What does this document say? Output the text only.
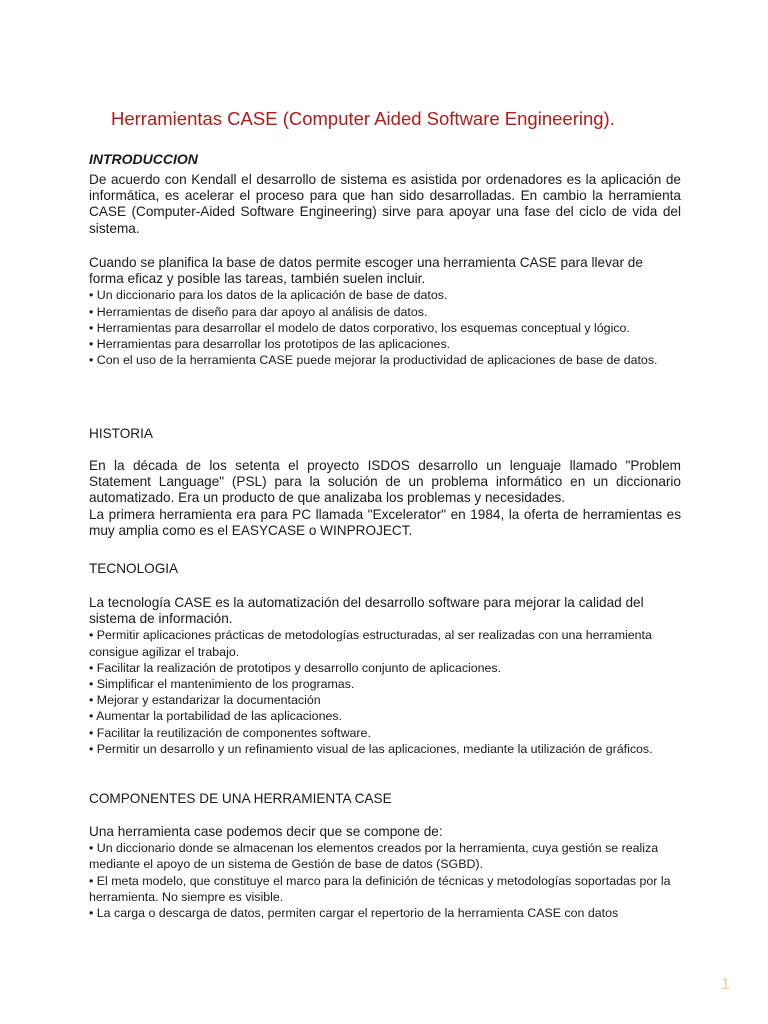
Herramientas CASE (Computer Aided Software Engineering).
INTRODUCCION

De acuerdo con Kendall el desarrollo de sistema es asistida por ordenadores es la aplicación de informática, es acelerar el proceso para que han sido desarrolladas. En cambio la herramienta CASE (Computer-Aided Software Engineering) sirve para apoyar una fase del ciclo de vida del sistema.

Cuando se planifica la base de datos permite escoger una herramienta CASE para llevar de forma eficaz y posible las tareas, también suelen incluir.

• Un diccionario para los datos de la aplicación de base de datos.

• Herramientas de diseño para dar apoyo al análisis de datos.

• Herramientas para desarrollar el modelo de datos corporativo, los esquemas conceptual y lógico.

• Herramientas para desarrollar los prototipos de las aplicaciones.

• Con el uso de la herramienta CASE puede mejorar la productividad de aplicaciones de base de datos.

HISTORIA

En la década de los setenta el proyecto ISDOS desarrollo un lenguaje llamado "Problem Statement Language" (PSL) para la solución de un problema informático en un diccionario automatizado. Era un producto de que analizaba los problemas y necesidades.

La primera herramienta era para PC llamada "Excelerator" en 1984, la oferta de herramientas es muy amplia como es el EASYCASE o WINPROJECT.

TECNOLOGIA

La tecnología CASE es la automatización del desarrollo software para mejorar la calidad del sistema de información.

• Permitir aplicaciones prácticas de metodologías estructuradas, al ser realizadas con una herramienta consigue agilizar el trabajo.

• Facilitar la realización de prototipos y desarrollo conjunto de aplicaciones.

• Simplificar el mantenimiento de los programas.

• Mejorar y estandarizar la documentación

• Aumentar la portabilidad de las aplicaciones.

• Facilitar la reutilización de componentes software.

• Permitir un desarrollo y un refinamiento visual de las aplicaciones, mediante la utilización de gráficos.

COMPONENTES DE UNA HERRAMIENTA CASE

Una herramienta case podemos decir que se compone de:

• Un diccionario donde se almacenan los elementos creados por la herramienta, cuya gestión se realiza mediante el apoyo de un sistema de Gestión de base de datos (SGBD).

• El meta modelo, que constituye el marco para la definición de técnicas y metodologías soportadas por la herramienta. No siempre es visible.

• La carga o descarga de datos, permiten cargar el repertorio de la herramienta CASE con datos

1
